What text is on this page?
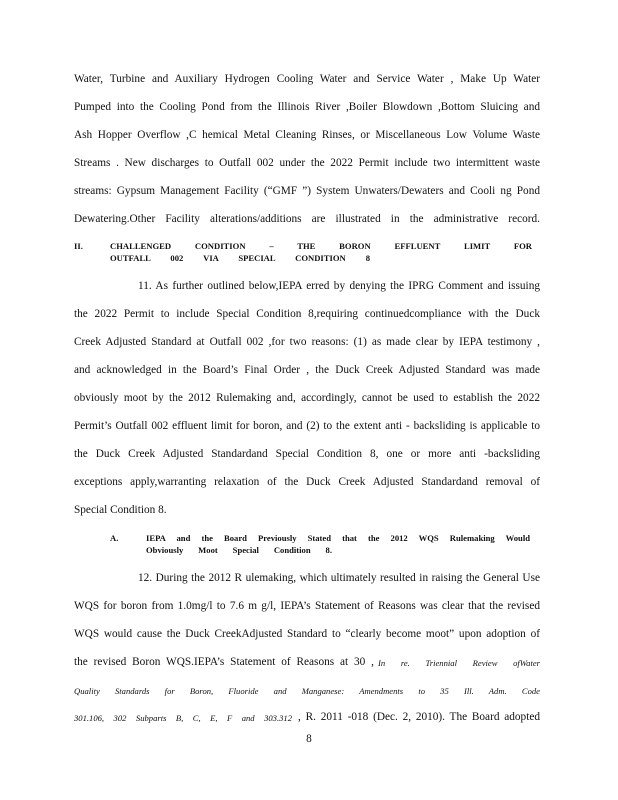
Water, Turbine and Auxiliary Hydrogen Cooling Water and Service Water , Make Up Water
Pumped into the Cooling Pond from the Illinois River ,Boiler Blowdown ,Bottom Sluicing and
Ash Hopper Overflow ,C hemical Metal Cleaning Rinses, or Miscellaneous Low Volume Waste
Streams . New discharges to Outfall 002 under the 2022 Permit include two intermittent waste
streams: Gypsum Management Facility (“GMF ”) System Unwaters/Dewaters and Cooli ng Pond
Dewatering.Other Facility alterations/additions are illustrated in the administrative record.
II.	CHALLENGED CONDITION – THE BORON EFFLUENT LIMIT FOR
OUTFALL 002 VIA SPECIAL CONDITION 8
11. As further outlined below,IEPA erred by denying the IPRG Comment and issuing
the 2022 Permit to include Special Condition 8,requiring continuedcompliance with the Duck
Creek Adjusted Standard at Outfall 002 ,for two reasons: (1) as made clear by IEPA testimony ,
and acknowledged in the Board’s Final Order , the Duck Creek Adjusted Standard was made
obviously moot by the 2012 Rulemaking and, accordingly, cannot be used to establish the 2022
Permit’s Outfall 002 effluent limit for boron, and (2) to the extent anti - backsliding is applicable to
the Duck Creek Adjusted Standardand Special Condition 8, one or more anti -backsliding
exceptions apply,warranting relaxation of the Duck Creek Adjusted Standardand removal of
Special Condition 8.
A.	IEPA and the Board Previously Stated that the 2012 WQS Rulemaking Would
Obviously Moot Special Condition 8.
12. During the 2012 R ulemaking, which ultimately resulted in raising the General Use
WQS for boron from 1.0mg/l to 7.6 m g/l, IEPA’s Statement of Reasons was clear that the revised
WQS would cause the Duck CreekAdjusted Standard to “clearly become moot” upon adoption of
the revised Boron WQS.IEPA’s Statement of Reasons at 30 , In re. Triennial Review ofWater
Quality Standards for Boron, Fluoride and Manganese: Amendments to 35 Ill. Adm. Code
301.106, 302 Subparts B, C, E, F and 303.312 , R. 2011 -018 (Dec. 2, 2010). The Board adopted
8
